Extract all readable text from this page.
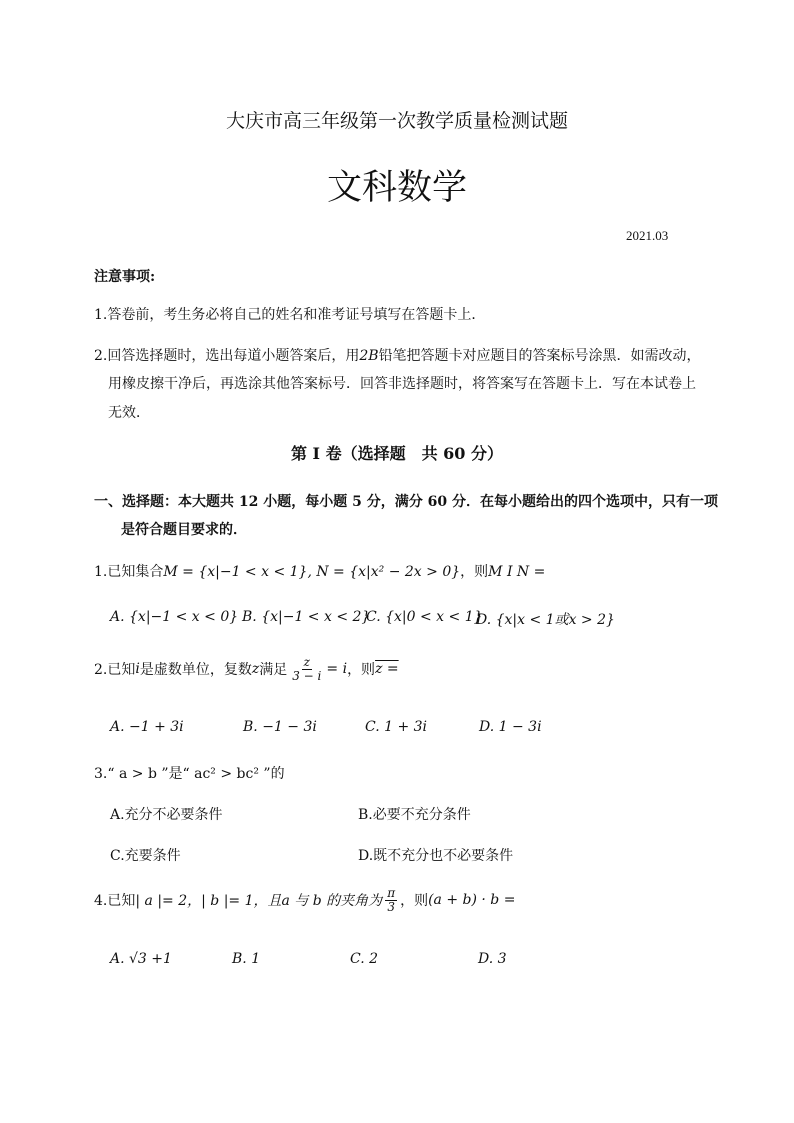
大庆市高三年级第一次教学质量检测试题
文科数学
2021.03
注意事项:
1.答卷前，考生务必将自己的姓名和准考证号填写在答题卡上．
2.回答选择题时，选出每道小题答案后，用2B铅笔把答题卡对应题目的答案标号涂黑．如需改动，
用橡皮擦干净后，再选涂其他答案标号．回答非选择题时，将答案写在答题卡上．写在本试卷上
无效．
第 I 卷（选择题　共 60 分）
一、选择题：本大题共 12 小题，每小题 5 分，满分 60 分．在每小题给出的四个选项中，只有一项
是符合题目要求的．
1.已知集合M = {x|−1 < x < 1}, N = {x|x² − 2x > 0}，则M I N =
A. {x|−1 < x < 0} B. {x|−1 < x < 2}
C. {x|0 < x < 1}
D. {x|x < 1或x > 2}
2.已知 i 是虚数单位，复数 z 满足 $\frac{z}{3 - i} = i$ ，则 z =
A. −1 + 3i	B. −1 − 3i	C. 1 + 3i	D. 1 − 3i
3.“ a > b ”是“ ac² > bc² ”的
A.充分不必要条件	B.必要不充分条件
C.充要条件	D.既不充分也不必要条件
4.已知 | a |= 2，| b |= 1，且 a 与 b 的夹角为 $\frac{\pi}{3}$ ，则 (a + b) · b =
A. √3 +1	B. 1	C. 2	D. 3
